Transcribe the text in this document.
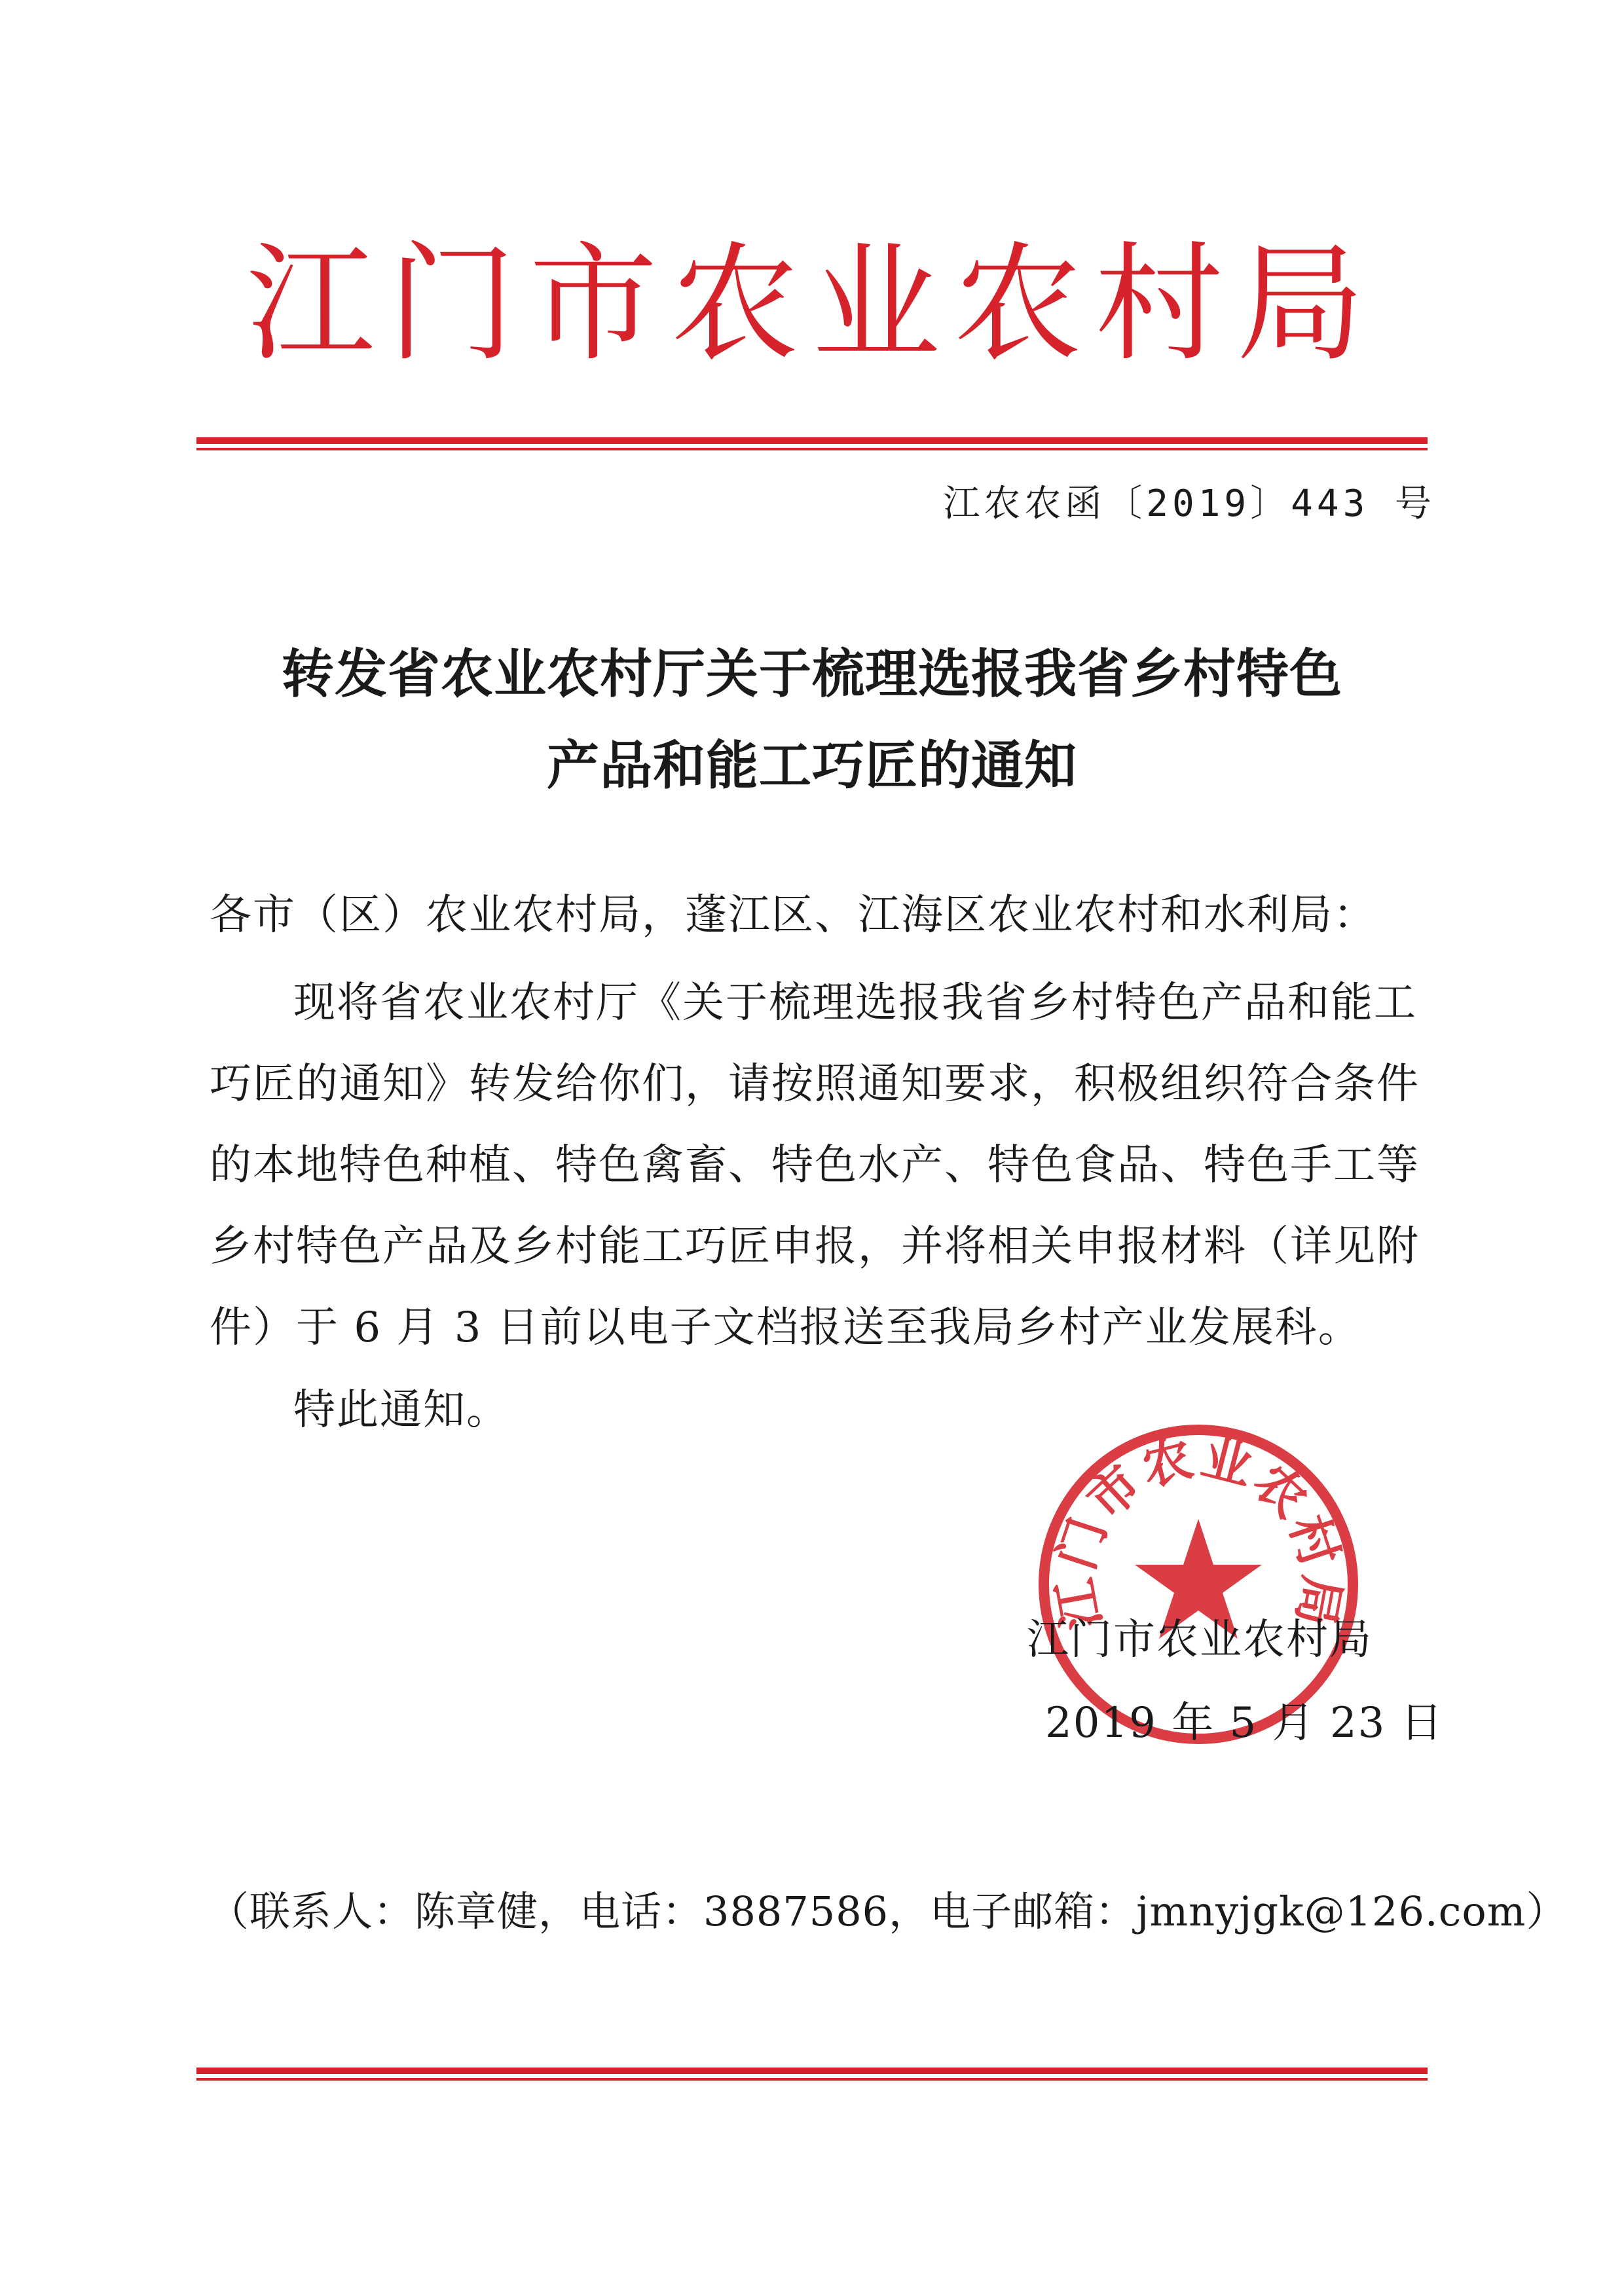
江门市农业农村局
江农农函〔2019〕443 号
转发省农业农村厅关于梳理选报我省乡村特色
产品和能工巧匠的通知
各市（区）农业农村局，蓬江区、江海区农业农村和水利局：
现将省农业农村厅《关于梳理选报我省乡村特色产品和能工
巧匠的通知》转发给你们，请按照通知要求，积极组织符合条件
的本地特色种植、特色禽畜、特色水产、特色食品、特色手工等
乡村特色产品及乡村能工巧匠申报，并将相关申报材料（详见附
件）于 6 月 3 日前以电子文档报送至我局乡村产业发展科。
特此通知。
江门市农业农村局
江门市农业农村局
2019 年 5 月 23 日
（联系人：陈章健，电话：3887586，电子邮箱：jmnyjgk@126.com）
